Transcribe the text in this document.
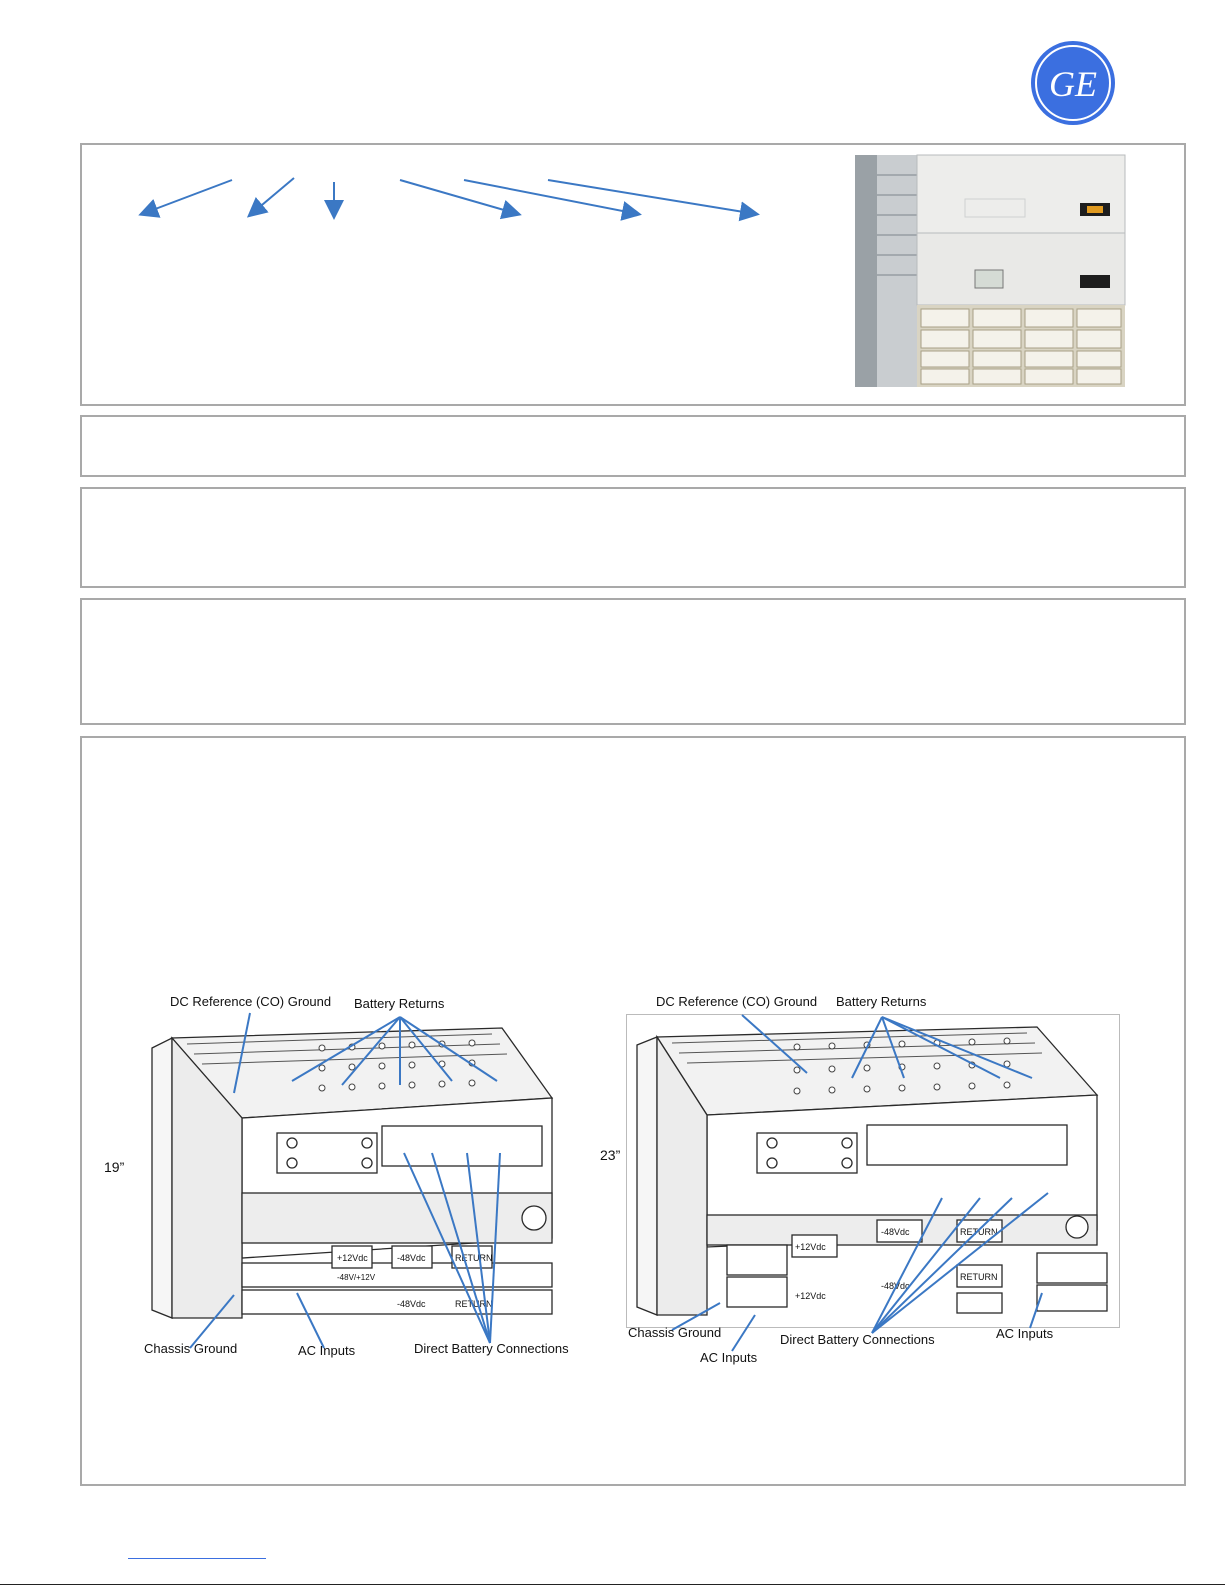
GE
19”
DC Reference (CO) Ground Battery Returns
+12Vdc	-48Vdc	RETURN
-48V/+12V
-48Vdc	RETURN
Chassis Ground	AC Inputs	Direct Battery Connections
23”
DC Reference (CO) Ground Battery Returns
+12Vdc
-48Vdc	RETURN
RETURN
+12Vdc
-48Vdc
Chassis Ground
AC Inputs
Direct Battery Connections	AC Inputs
